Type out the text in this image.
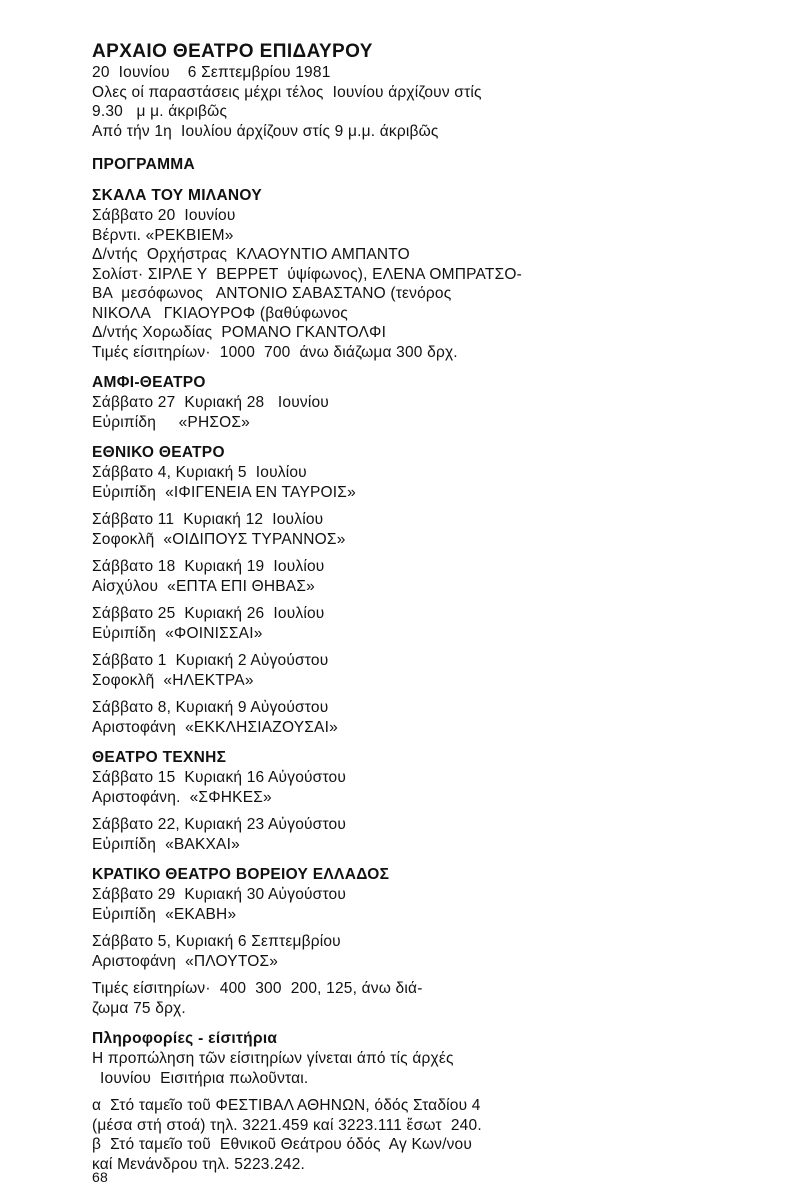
ΑΡΧΑΙΟ ΘΕΑΤΡΟ ΕΠΙΔΑΥΡΟΥ
20  Ιουνίου    6 Σεπτεμβρίου 1981
Ολες οί παραστάσεις μέχρι τέλος  Ιουνίου άρχίζουν στίς
9.30   μ μ. άκριβῶς
Από τήν 1η  Ιουλίου άρχίζουν στίς 9 μ.μ. άκριβῶς
ΠΡΟΓΡΑΜΜΑ
ΣΚΑΛΑ ΤΟΥ ΜΙΛΑΝΟΥ
Σάββατο 20  Ιουνίου
Βέρντι. «ΡΕΚΒΙΕΜ»
Δ/ντής  Ορχήστρας  ΚΛΑΟΥΝΤΙΟ ΑΜΠΑΝΤΟ
Σολίστ· ΣΙΡΛΕ Υ  ΒΕΡΡΕΤ  ύψίφωνος), ΕΛΕΝΑ ΟΜΠΡΑΤΣΟ-
ΒΑ  μεσόφωνος   ΑΝΤΟΝΙΟ ΣΑΒΑΣΤΑΝΟ (τενόρος
ΝΙΚΟΛΑ   ΓΚΙΑΟΥΡΟΦ (βαθύφωνος
Δ/ντής Χορωδίας  ΡΟΜΑΝΟ ΓΚΑΝΤΟΛΦΙ
Τιμές είσιτηρίων·  1000  700  άνω διάζωμα 300 δρχ.
ΑΜΦΙ-ΘΕΑΤΡΟ
Σάββατο 27  Κυριακή 28   Ιουνίου
Εὐριπίδη     «ΡΗΣΟΣ»
ΕΘΝΙΚΟ ΘΕΑΤΡΟ
Σάββατο 4, Κυριακή 5  Ιουλίου
Εὐριπίδη  «ΙΦΙΓΕΝΕΙΑ ΕΝ ΤΑΥΡΟΙΣ»
Σάββατο 11  Κυριακή 12  Ιουλίου
Σοφοκλῆ  «ΟΙΔΙΠΟΥΣ ΤΥΡΑΝΝΟΣ»
Σάββατο 18  Κυριακή 19  Ιουλίου
Αἰσχύλου  «ΕΠΤΑ ΕΠΙ ΘΗΒΑΣ»
Σάββατο 25  Κυριακή 26  Ιουλίου
Εὐριπίδη  «ΦΟΙΝΙΣΣΑΙ»
Σάββατο 1  Κυριακή 2 Αὐγούστου
Σοφοκλῆ  «ΗΛΕΚΤΡΑ»
Σάββατο 8, Κυριακή 9 Αὐγούστου
Αριστοφάνη  «ΕΚΚΛΗΣΙΑΖΟΥΣΑΙ»
ΘΕΑΤΡΟ ΤΕΧΝΗΣ
Σάββατο 15  Κυριακή 16 Αὐγούστου
Αριστοφάνη.  «ΣΦΗΚΕΣ»
Σάββατο 22, Κυριακή 23 Αὐγούστου
Εὐριπίδη  «ΒΑΚΧΑΙ»
ΚΡΑΤΙΚΟ ΘΕΑΤΡΟ ΒΟΡΕΙΟΥ ΕΛΛΑΔΟΣ
Σάββατο 29  Κυριακή 30 Αὐγούστου
Εὐριπίδη  «ΕΚΑΒΗ»
Σάββατο 5, Κυριακή 6 Σεπτεμβρίου
Αριστοφάνη  «ΠΛΟΥΤΟΣ»
Τιμές είσιτηρίων·  400  300  200, 125, άνω διά-
ζωμα 75 δρχ.
Πληροφορίες - είσιτήρια
Η προπώληση τῶν είσιτηρίων γίνεται άπό τίς άρχές
Ιουνίου  Εισιτήρια πωλοῦνται.
α  Στό ταμεῖο τοῦ ΦΕΣΤΙΒΑΛ ΑΘΗΝΩΝ, όδός Σταδίου 4
(μέσα στή στοά) τηλ. 3221.459 καί 3223.111 ἔσωτ  240.
β  Στό ταμεῖο τοῦ  Εθνικοῦ Θεάτρου όδός  Αγ Κων/νου
καί Μενάνδρου τηλ. 5223.242.
68
